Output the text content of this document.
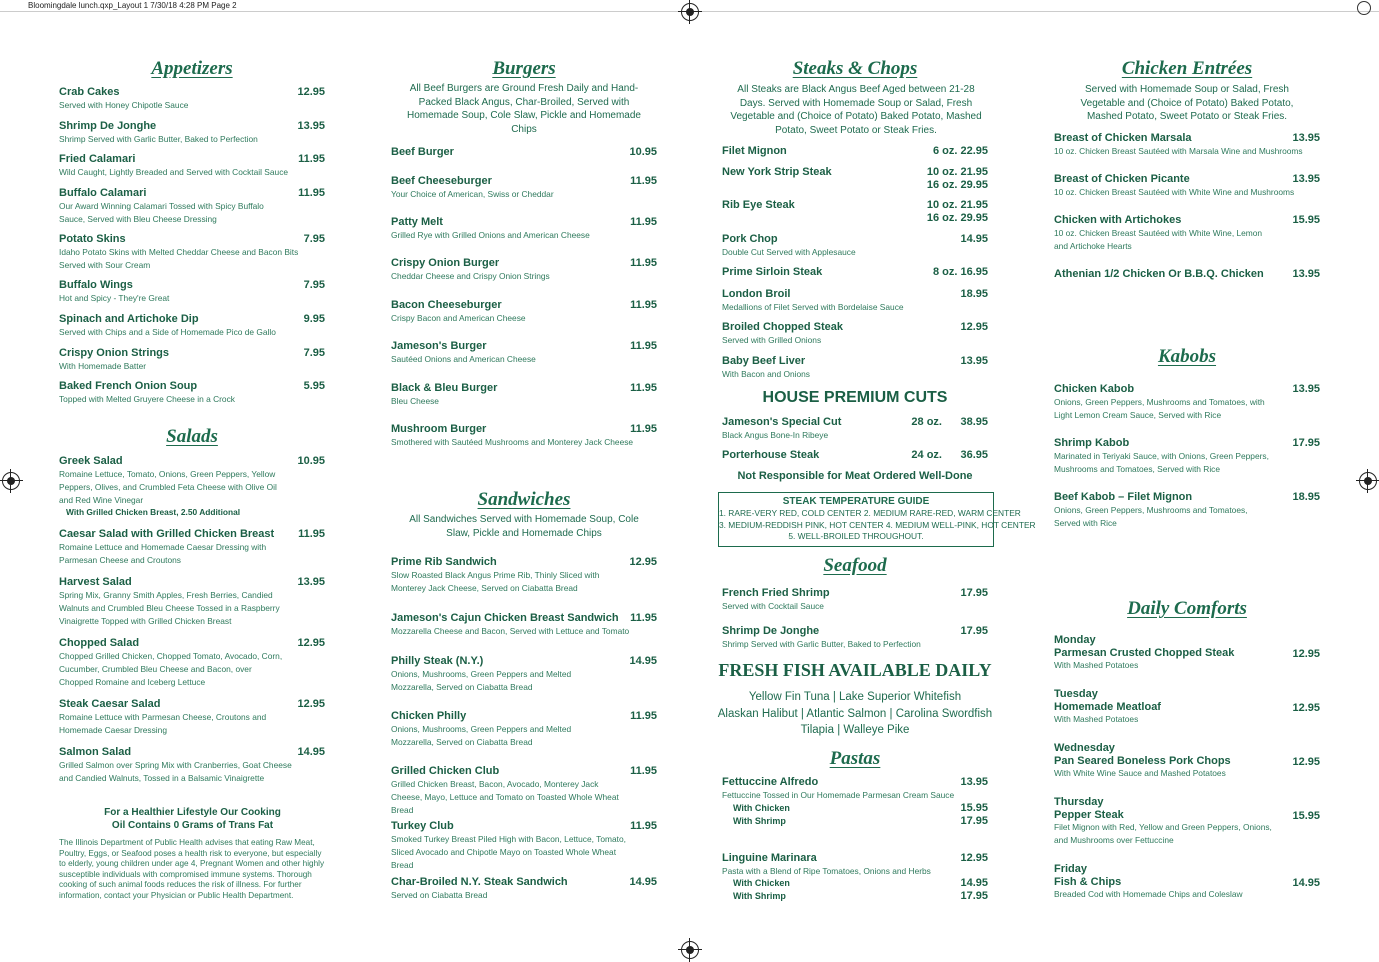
Bloomingdale lunch.qxp_Layout 1 7/30/18 4:28 PM Page 2
Appetizers
Crab Cakes
Served with Honey Chipotle Sauce
12.95
Shrimp De Jonghe
Shrimp Served with Garlic Butter, Baked to Perfection
13.95
Fried Calamari
Wild Caught, Lightly Breaded and Served with Cocktail Sauce
11.95
Buffalo Calamari
Our Award Winning Calamari Tossed with Spicy Buffalo Sauce, Served with Bleu Cheese Dressing
11.95
Potato Skins
Idaho Potato Skins with Melted Cheddar Cheese and Bacon Bits Served with Sour Cream
7.95
Buffalo Wings
Hot and Spicy - They're Great
7.95
Spinach and Artichoke Dip
Served with Chips and a Side of Homemade Pico de Gallo
9.95
Crispy Onion Strings
With Homemade Batter
7.95
Baked French Onion Soup
Topped with Melted Gruyere Cheese in a Crock
5.95
Salads
Greek Salad
Romaine Lettuce, Tomato, Onions, Green Peppers, Yellow Peppers, Olives, and Crumbled Feta Cheese with Olive Oil and Red Wine Vinegar
With Grilled Chicken Breast, 2.50 Additional
10.95
Caesar Salad with Grilled Chicken Breast
Romaine Lettuce and Homemade Caesar Dressing with Parmesan Cheese and Croutons
11.95
Harvest Salad
Spring Mix, Granny Smith Apples, Fresh Berries, Candied Walnuts and Crumbled Bleu Cheese Tossed in a Raspberry Vinaigrette Topped with Grilled Chicken Breast
13.95
Chopped Salad
Chopped Grilled Chicken, Chopped Tomato, Avocado, Corn, Cucumber, Crumbled Bleu Cheese and Bacon, over Chopped Romaine and Iceberg Lettuce
12.95
Steak Caesar Salad
Romaine Lettuce with Parmesan Cheese, Croutons and Homemade Caesar Dressing
12.95
Salmon Salad
Grilled Salmon over Spring Mix with Cranberries, Goat Cheese and Candied Walnuts, Tossed in a Balsamic Vinaigrette
14.95
For a Healthier Lifestyle Our Cooking Oil Contains 0 Grams of Trans Fat
The Illinois Department of Public Health advises that eating Raw Meat, Poultry, Eggs, or Seafood poses a health risk to everyone, but especially to elderly, young children under age 4, Pregnant Women and other highly susceptible individuals with compromised immune systems. Thorough cooking of such animal foods reduces the risk of illness. For further information, contact your Physician or Public Health Department.
Burgers
All Beef Burgers are Ground Fresh Daily and Hand-Packed Black Angus, Char-Broiled, Served with Homemade Soup, Cole Slaw, Pickle and Homemade Chips
Beef Burger	10.95
Beef Cheeseburger
Your Choice of American, Swiss or Cheddar
11.95
Patty Melt
Grilled Rye with Grilled Onions and American Cheese
11.95
Crispy Onion Burger
Cheddar Cheese and Crispy Onion Strings
11.95
Bacon Cheeseburger
Crispy Bacon and American Cheese
11.95
Jameson's Burger
Sautéed Onions and American Cheese
11.95
Black & Bleu Burger
Bleu Cheese
11.95
Mushroom Burger
Smothered with Sautéed Mushrooms and Monterey Jack Cheese
11.95
Sandwiches
All Sandwiches Served with Homemade Soup, Cole Slaw, Pickle and Homemade Chips
Prime Rib Sandwich
Slow Roasted Black Angus Prime Rib, Thinly Sliced with Monterey Jack Cheese, Served on Ciabatta Bread
12.95
Jameson's Cajun Chicken Breast Sandwich
Mozzarella Cheese and Bacon, Served with Lettuce and Tomato
11.95
Philly Steak (N.Y.)
Onions, Mushrooms, Green Peppers and Melted Mozzarella, Served on Ciabatta Bread
14.95
Chicken Philly
Onions, Mushrooms, Green Peppers and Melted Mozzarella, Served on Ciabatta Bread
11.95
Grilled Chicken Club
Grilled Chicken Breast, Bacon, Avocado, Monterey Jack Cheese, Mayo, Lettuce and Tomato on Toasted Whole Wheat Bread
11.95
Turkey Club
Smoked Turkey Breast Piled High with Bacon, Lettuce, Tomato, Sliced Avocado and Chipotle Mayo on Toasted Whole Wheat Bread
11.95
Char-Broiled N.Y. Steak Sandwich
Served on Ciabatta Bread
14.95
Steaks & Chops
All Steaks are Black Angus Beef Aged between 21-28 Days. Served with Homemade Soup or Salad, Fresh Vegetable and (Choice of Potato) Baked Potato, Mashed Potato, Sweet Potato or Steak Fries.
Filet Mignon	6 oz. 22.95
New York Strip Steak	10 oz. 21.95
16 oz. 29.95
Rib Eye Steak	10 oz. 21.95
16 oz. 29.95
Pork Chop
Double Cut Served with Applesauce
14.95
Prime Sirloin Steak	8 oz. 16.95
London Broil
Medallions of Filet Served with Bordelaise Sauce
18.95
Broiled Chopped Steak
Served with Grilled Onions
12.95
Baby Beef Liver
With Bacon and Onions
13.95
HOUSE PREMIUM CUTS
Jameson's Special Cut
Black Angus Bone-In Ribeye
28 oz. 38.95
Porterhouse Steak	24 oz. 36.95
Not Responsible for Meat Ordered Well-Done
STEAK TEMPERATURE GUIDE
1. RARE-VERY RED, COLD CENTER 2. MEDIUM RARE-RED, WARM CENTER
3. MEDIUM-REDDISH PINK, HOT CENTER 4. MEDIUM WELL-PINK, HOT CENTER
5. WELL-BROILED THROUGHOUT.
Seafood
French Fried Shrimp
Served with Cocktail Sauce
17.95
Shrimp De Jonghe
Shrimp Served with Garlic Butter, Baked to Perfection
17.95
FRESH FISH AVAILABLE DAILY
Yellow Fin Tuna | Lake Superior Whitefish
Alaskan Halibut | Atlantic Salmon | Carolina Swordfish
Tilapia | Walleye Pike
Pastas
Fettuccine Alfredo
Fettuccine Tossed in Our Homemade Parmesan Cream Sauce
13.95
With Chicken	15.95
With Shrimp	17.95
Linguine Marinara
Pasta with a Blend of Ripe Tomatoes, Onions and Herbs
12.95
With Chicken	14.95
With Shrimp	17.95
Chicken Entrées
Served with Homemade Soup or Salad, Fresh Vegetable and (Choice of Potato) Baked Potato, Mashed Potato, Sweet Potato or Steak Fries.
Breast of Chicken Marsala
10 oz. Chicken Breast Sautéed with Marsala Wine and Mushrooms
13.95
Breast of Chicken Picante
10 oz. Chicken Breast Sautéed with White Wine and Mushrooms
13.95
Chicken with Artichokes
10 oz. Chicken Breast Sautéed with White Wine, Lemon and Artichoke Hearts
15.95
Athenian 1/2 Chicken Or B.B.Q. Chicken	13.95
Kabobs
Chicken Kabob
Onions, Green Peppers, Mushrooms and Tomatoes, with Light Lemon Cream Sauce, Served with Rice
13.95
Shrimp Kabob
Marinated in Teriyaki Sauce, with Onions, Green Peppers, Mushrooms and Tomatoes, Served with Rice
17.95
Beef Kabob – Filet Mignon
Onions, Green Peppers, Mushrooms and Tomatoes, Served with Rice
18.95
Daily Comforts
Monday
Parmesan Crusted Chopped Steak
With Mashed Potatoes
12.95
Tuesday
Homemade Meatloaf
With Mashed Potatoes
12.95
Wednesday
Pan Seared Boneless Pork Chops
With White Wine Sauce and Mashed Potatoes
12.95
Thursday
Pepper Steak
Filet Mignon with Red, Yellow and Green Peppers, Onions, and Mushrooms over Fettuccine
15.95
Friday
Fish & Chips
Breaded Cod with Homemade Chips and Coleslaw
14.95
